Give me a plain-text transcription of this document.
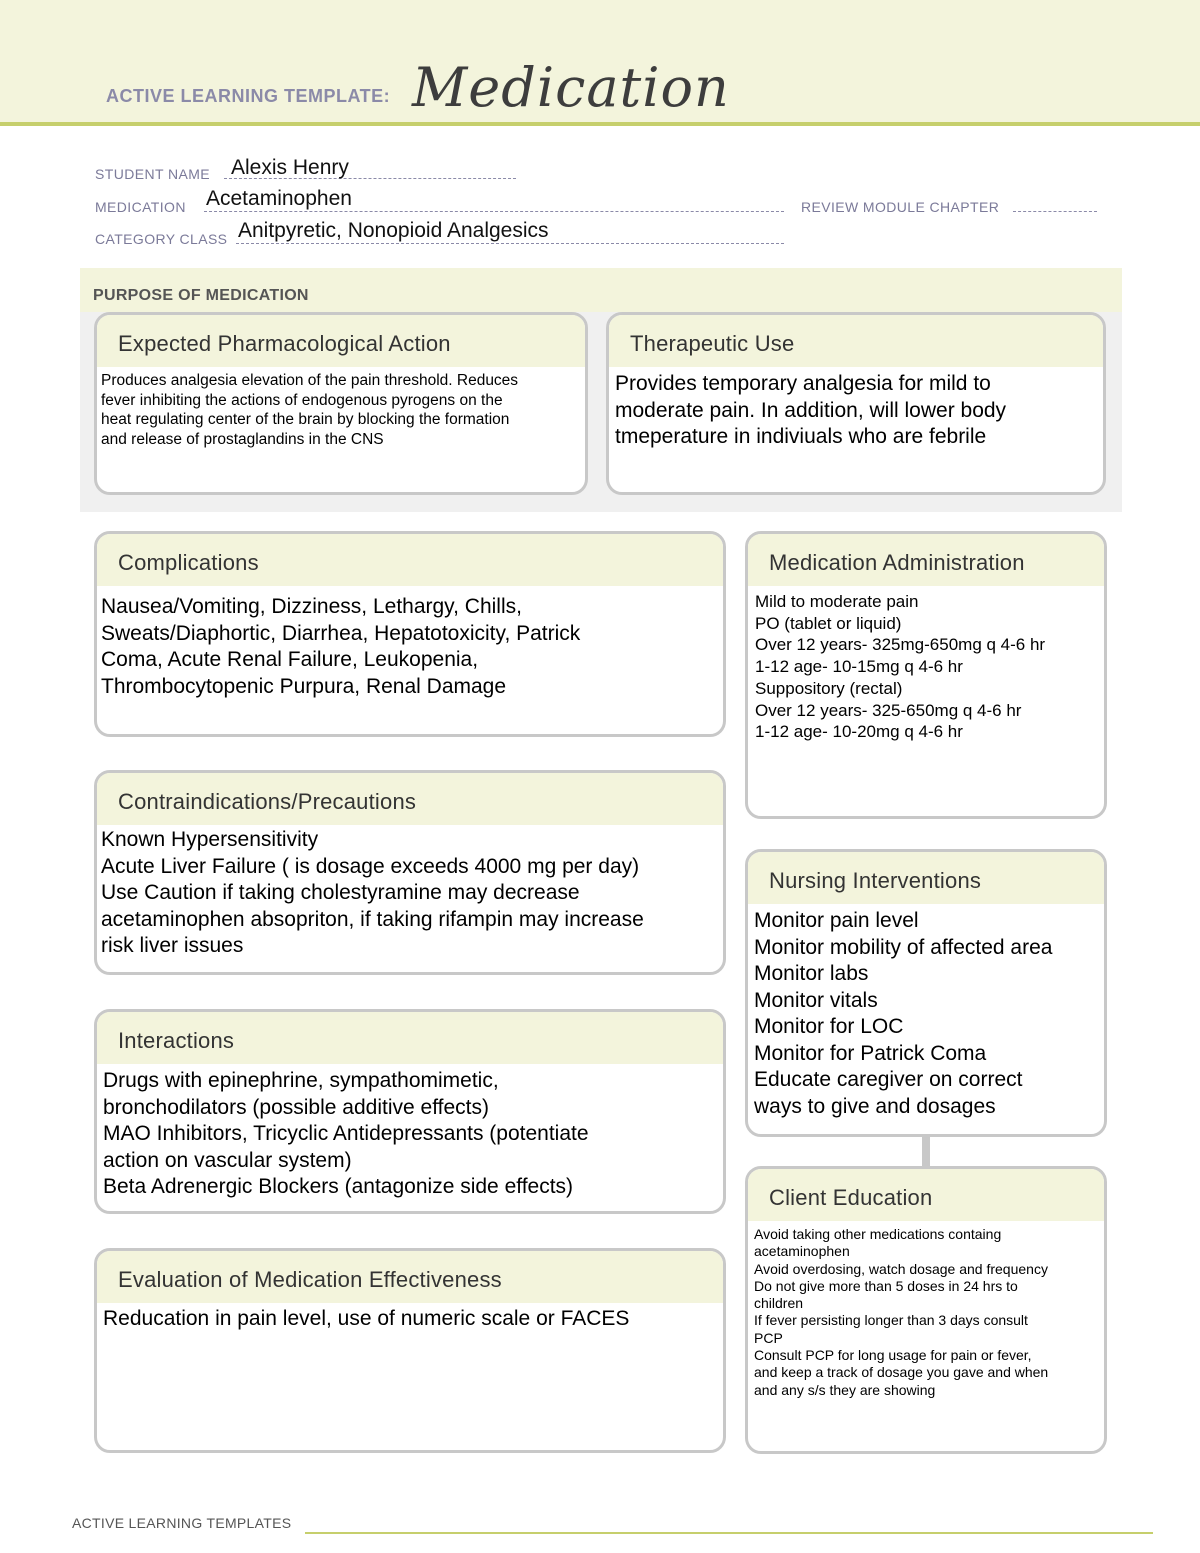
ACTIVE LEARNING TEMPLATE: Medication
STUDENT NAME Alexis Henry
MEDICATION Acetaminophen	REVIEW MODULE CHAPTER
CATEGORY CLASS Anitpyretic, Nonopioid Analgesics
PURPOSE OF MEDICATION
Expected Pharmacological Action
Produces analgesia elevation of the pain threshold. Reduces
fever inhibiting the actions of endogenous pyrogens on the
heat regulating center of the brain by blocking the formation
and release of prostaglandins in the CNS
Therapeutic Use
Provides temporary analgesia for mild to
moderate pain. In addition, will lower body
tmeperature in indiviuals who are febrile
Complications
Nausea/Vomiting, Dizziness, Lethargy, Chills,
Sweats/Diaphortic, Diarrhea, Hepatotoxicity, Patrick
Coma, Acute Renal Failure, Leukopenia,
Thrombocytopenic Purpura, Renal Damage
Medication Administration
Mild to moderate pain
PO (tablet or liquid)
Over 12 years- 325mg-650mg q 4-6 hr
1-12 age- 10-15mg q 4-6 hr
Suppository (rectal)
Over 12 years- 325-650mg q 4-6 hr
1-12 age- 10-20mg q 4-6 hr
Contraindications/Precautions
Known Hypersensitivity
Acute Liver Failure ( is dosage exceeds 4000 mg per day)
Use Caution if taking cholestyramine may decrease
acetaminophen absopriton, if taking rifampin may increase
risk liver issues
Nursing Interventions
Monitor pain level
Monitor mobility of affected area
Monitor labs
Monitor vitals
Monitor for LOC
Monitor for Patrick Coma
Educate caregiver on correct
ways to give and dosages
Interactions
Drugs with epinephrine, sympathomimetic,
bronchodilators (possible additive effects)
MAO Inhibitors, Tricyclic Antidepressants (potentiate
action on vascular system)
Beta Adrenergic Blockers (antagonize side effects)	Client Education
Avoid taking other medications containg
acetaminophen
Avoid overdosing, watch dosage and frequency
Do not give more than 5 doses in 24 hrs to
children
If fever persisting longer than 3 days consult
PCP
Consult PCP for long usage for pain or fever,
and keep a track of dosage you gave and when
and any s/s they are showing
Evaluation of Medication Effectiveness
Reducation in pain level, use of numeric scale or FACES
ACTIVE LEARNING TEMPLATES
